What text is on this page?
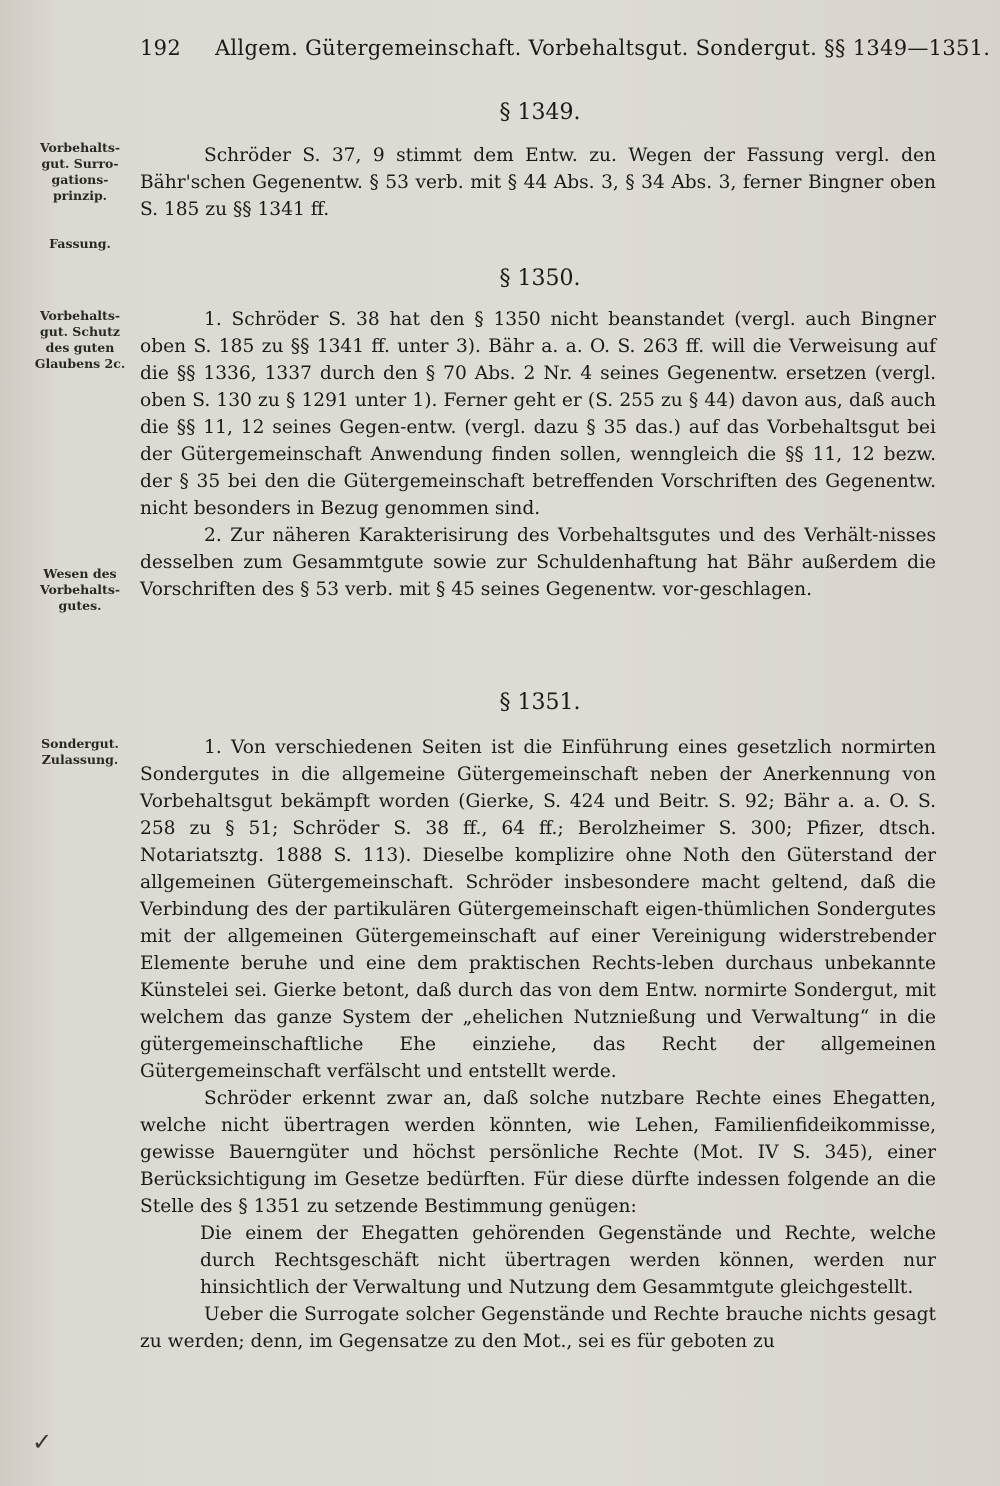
192 Allgem. Gütergemeinschaft. Vorbehaltsgut. Sondergut. §§ 1349—1351.
Vorbehalts-gut. Surro-gations-prinzip.
Fassung.
Vorbehalts-gut. Schutz des guten Glaubens 2c.
Wesen des Vorbehalts-gutes.
Sondergut. Zulassung.
§ 1349.

Schröder S. 37, 9 stimmt dem Entw. zu. Wegen der Fassung vergl. den Bähr'schen Gegenentw. § 53 verb. mit § 44 Abs. 3, § 34 Abs. 3, ferner Bingner oben S. 185 zu §§ 1341 ff.

§ 1350.

1. Schröder S. 38 hat den § 1350 nicht beanstandet (vergl. auch Bingner oben S. 185 zu §§ 1341 ff. unter 3). Bähr a. a. O. S. 263 ff. will die Verweisung auf die §§ 1336, 1337 durch den § 70 Abs. 2 Nr. 4 seines Gegenentw. ersetzen (vergl. oben S. 130 zu § 1291 unter 1). Ferner geht er (S. 255 zu § 44) davon aus, daß auch die §§ 11, 12 seines Gegen-entw. (vergl. dazu § 35 das.) auf das Vorbehaltsgut bei der Gütergemeinschaft Anwendung finden sollen, wenngleich die §§ 11, 12 bezw. der § 35 bei den die Gütergemeinschaft betreffenden Vorschriften des Gegenentw. nicht besonders in Bezug genommen sind.

2. Zur näheren Karakterisirung des Vorbehaltsgutes und des Verhält-nisses desselben zum Gesammtgute sowie zur Schuldenhaftung hat Bähr außerdem die Vorschriften des § 53 verb. mit § 45 seines Gegenentw. vor-geschlagen.

§ 1351.

1. Von verschiedenen Seiten ist die Einführung eines gesetzlich normirten Sondergutes in die allgemeine Gütergemeinschaft neben der Anerkennung von Vorbehaltsgut bekämpft worden (Gierke, S. 424 und Beitr. S. 92; Bähr a. a. O. S. 258 zu § 51; Schröder S. 38 ff., 64 ff.; Berolzheimer S. 300; Pfizer, dtsch. Notariatsztg. 1888 S. 113). Dieselbe komplizire ohne Noth den Güterstand der allgemeinen Gütergemeinschaft. Schröder insbesondere macht geltend, daß die Verbindung des der partikulären Gütergemeinschaft eigen-thümlichen Sondergutes mit der allgemeinen Gütergemeinschaft auf einer Vereinigung widerstrebender Elemente beruhe und eine dem praktischen Rechts-leben durchaus unbekannte Künstelei sei. Gierke betont, daß durch das von dem Entw. normirte Sondergut, mit welchem das ganze System der „ehelichen Nutznießung und Verwaltung“ in die gütergemeinschaftliche Ehe einziehe, das Recht der allgemeinen Gütergemeinschaft verfälscht und entstellt werde.

Schröder erkennt zwar an, daß solche nutzbare Rechte eines Ehegatten, welche nicht übertragen werden könnten, wie Lehen, Familienfideikommisse, gewisse Bauerngüter und höchst persönliche Rechte (Mot. IV S. 345), einer Berücksichtigung im Gesetze bedürften. Für diese dürfte indessen folgende an die Stelle des § 1351 zu setzende Bestimmung genügen:

Die einem der Ehegatten gehörenden Gegenstände und Rechte, welche durch Rechtsgeschäft nicht übertragen werden können, werden nur hinsichtlich der Verwaltung und Nutzung dem Gesammtgute gleichgestellt.

Ueber die Surrogate solcher Gegenstände und Rechte brauche nichts gesagt zu werden; denn, im Gegensatze zu den Mot., sei es für geboten zu

✓
